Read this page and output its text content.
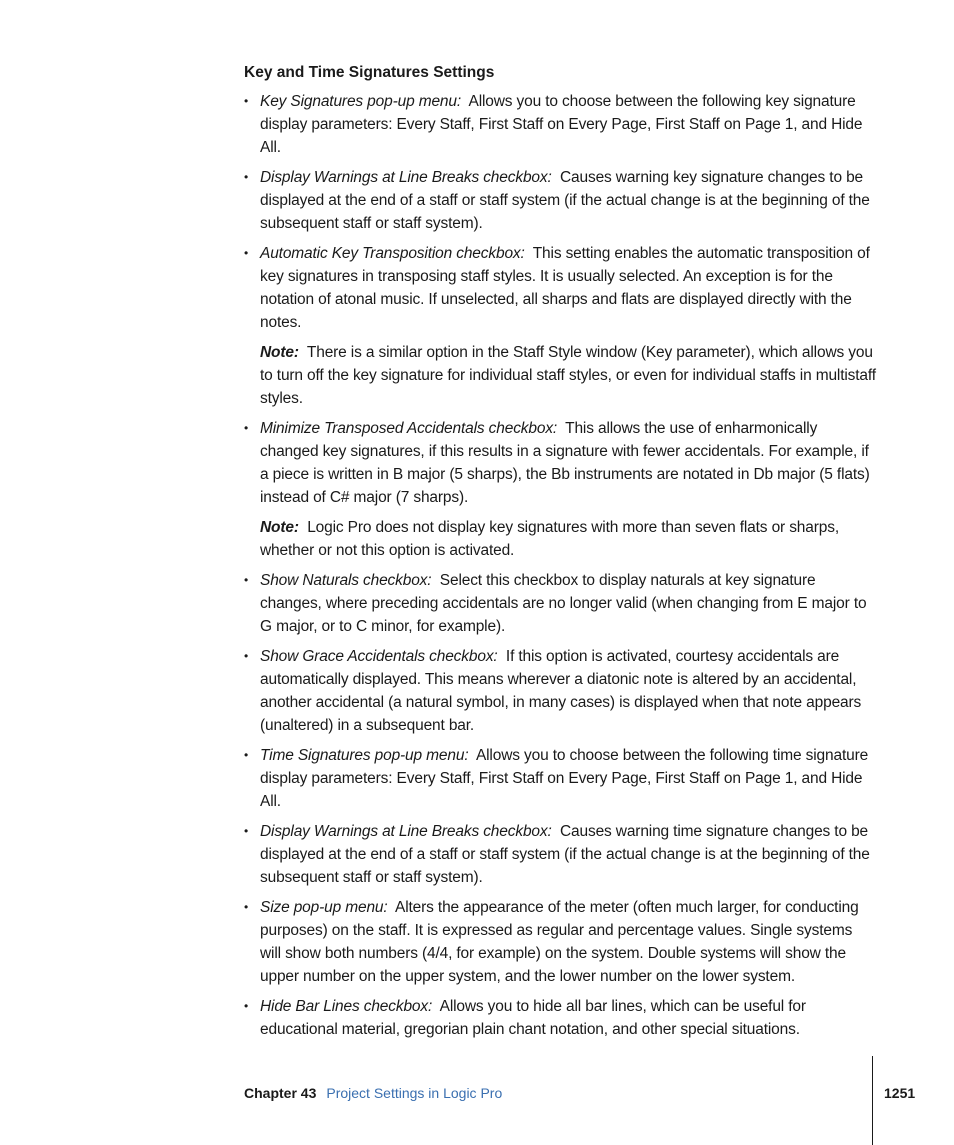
Key and Time Signatures Settings
• Key Signatures pop-up menu: Allows you to choose between the following key signature display parameters: Every Staff, First Staff on Every Page, First Staff on Page 1, and Hide All.
• Display Warnings at Line Breaks checkbox: Causes warning key signature changes to be displayed at the end of a staff or staff system (if the actual change is at the beginning of the subsequent staff or staff system).
• Automatic Key Transposition checkbox: This setting enables the automatic transposition of key signatures in transposing staff styles. It is usually selected. An exception is for the notation of atonal music. If unselected, all sharps and flats are displayed directly with the notes.
Note: There is a similar option in the Staff Style window (Key parameter), which allows you to turn off the key signature for individual staff styles, or even for individual staffs in multistaff styles.
• Minimize Transposed Accidentals checkbox: This allows the use of enharmonically changed key signatures, if this results in a signature with fewer accidentals. For example, if a piece is written in B major (5 sharps), the Bb instruments are notated in Db major (5 flats) instead of C# major (7 sharps).
Note: Logic Pro does not display key signatures with more than seven flats or sharps, whether or not this option is activated.
• Show Naturals checkbox: Select this checkbox to display naturals at key signature changes, where preceding accidentals are no longer valid (when changing from E major to G major, or to C minor, for example).
• Show Grace Accidentals checkbox: If this option is activated, courtesy accidentals are automatically displayed. This means wherever a diatonic note is altered by an accidental, another accidental (a natural symbol, in many cases) is displayed when that note appears (unaltered) in a subsequent bar.
• Time Signatures pop-up menu: Allows you to choose between the following time signature display parameters: Every Staff, First Staff on Every Page, First Staff on Page 1, and Hide All.
• Display Warnings at Line Breaks checkbox: Causes warning time signature changes to be displayed at the end of a staff or staff system (if the actual change is at the beginning of the subsequent staff or staff system).
• Size pop-up menu: Alters the appearance of the meter (often much larger, for conducting purposes) on the staff. It is expressed as regular and percentage values. Single systems will show both numbers (4/4, for example) on the system. Double systems will show the upper number on the upper system, and the lower number on the lower system.
• Hide Bar Lines checkbox: Allows you to hide all bar lines, which can be useful for educational material, gregorian plain chant notation, and other special situations.
Chapter 43 Project Settings in Logic Pro	1251
